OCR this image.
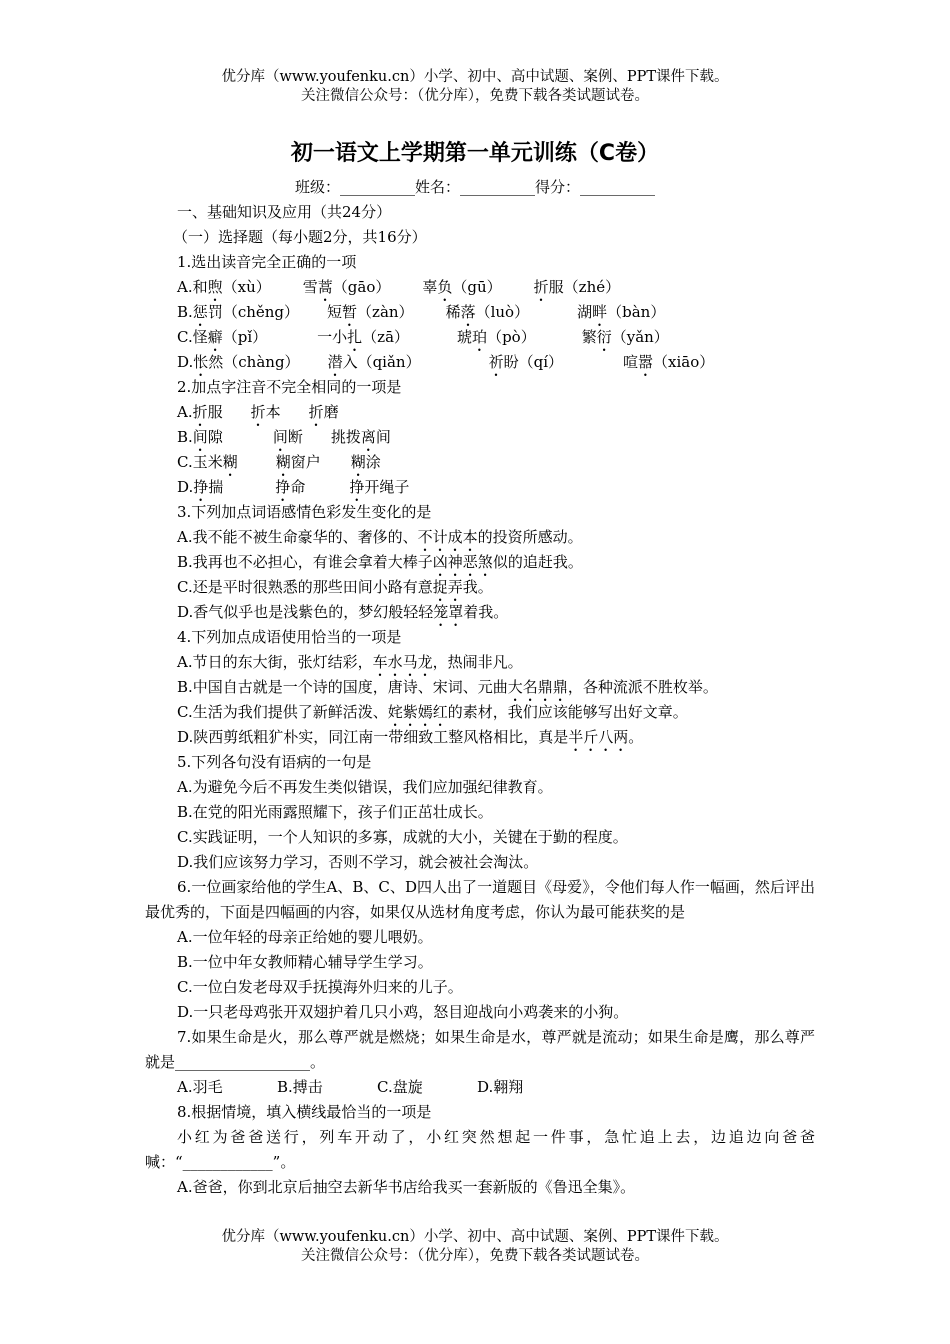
优分库（www.youfenku.cn）小学、初中、高中试题、案例、PPT课件下载。
关注微信公众号：（优分库），免费下载各类试题试卷。
初一语文上学期第一单元训练（C卷）
班级：__________姓名：__________得分：__________
一、基础知识及应用（共24分）
（一）选择题（每小题2分，共16分）
1.选出读音完全正确的一项
A.和煦（xù） 雪蒿（gāo） 辜负（gū） 折服（zhé）
B.惩罚（chěng） 短暂（zàn） 稀落（luò）	湖畔（bàn）
C.怪癖（pǐ）	一小扎（zā）	琥珀（pò）	繁衍（yǎn）
D.怅然（chàng） 潜入（qiǎn）	祈盼（qí）	喧嚣（xiāo）
2.加点字注音不完全相同的一项是
A.折服 折本 折磨
B.间隙	间断 挑拨离间
C.玉米糊	糊窗户 糊涂
D.挣揣	挣命	挣开绳子
3.下列加点词语感情色彩发生变化的是
A.我不能不被生命豪华的、奢侈的、不计成本的投资所感动。
B.我再也不必担心，有谁会拿着大棒子凶神恶煞似的追赶我。
C.还是平时很熟悉的那些田间小路有意捉弄我。
D.香气似乎也是浅紫色的，梦幻般轻轻笼罩着我。
4.下列加点成语使用恰当的一项是
A.节日的东大街，张灯结彩，车水马龙，热闹非凡。
B.中国自古就是一个诗的国度，唐诗、宋词、元曲大名鼎鼎，各种流派不胜枚举。
C.生活为我们提供了新鲜活泼、姹紫嫣红的素材，我们应该能够写出好文章。
D.陕西剪纸粗犷朴实，同江南一带细致工整风格相比，真是半斤八两。
5.下列各句没有语病的一句是
A.为避免今后不再发生类似错误，我们应加强纪律教育。
B.在党的阳光雨露照耀下，孩子们正茁壮成长。
C.实践证明，一个人知识的多寡，成就的大小，关键在于勤的程度。
D.我们应该努力学习，否则不学习，就会被社会淘汰。
6.一位画家给他的学生A、B、C、D四人出了一道题目《母爱》，令他们每人作一幅画，然后评出最优秀的，下面是四幅画的内容，如果仅从选材角度考虑，你认为最可能获奖的是
A.一位年轻的母亲正给她的婴儿喂奶。
B.一位中年女教师精心辅导学生学习。
C.一位白发老母双手抚摸海外归来的儿子。
D.一只老母鸡张开双翅护着几只小鸡，怒目迎战向小鸡袭来的小狗。
7.如果生命是火，那么尊严就是燃烧；如果生命是水，尊严就是流动；如果生命是鹰，那么尊严就是__________________。
A.羽毛	B.搏击	C.盘旋	D.翱翔
8.根据情境，填入横线最恰当的一项是
小红为爸爸送行，列车开动了，小红突然想起一件事，急忙追上去，边追边向爸爸喊：“____________”。
A.爸爸，你到北京后抽空去新华书店给我买一套新版的《鲁迅全集》。
优分库（www.youfenku.cn）小学、初中、高中试题、案例、PPT课件下载。
关注微信公众号：（优分库），免费下载各类试题试卷。
